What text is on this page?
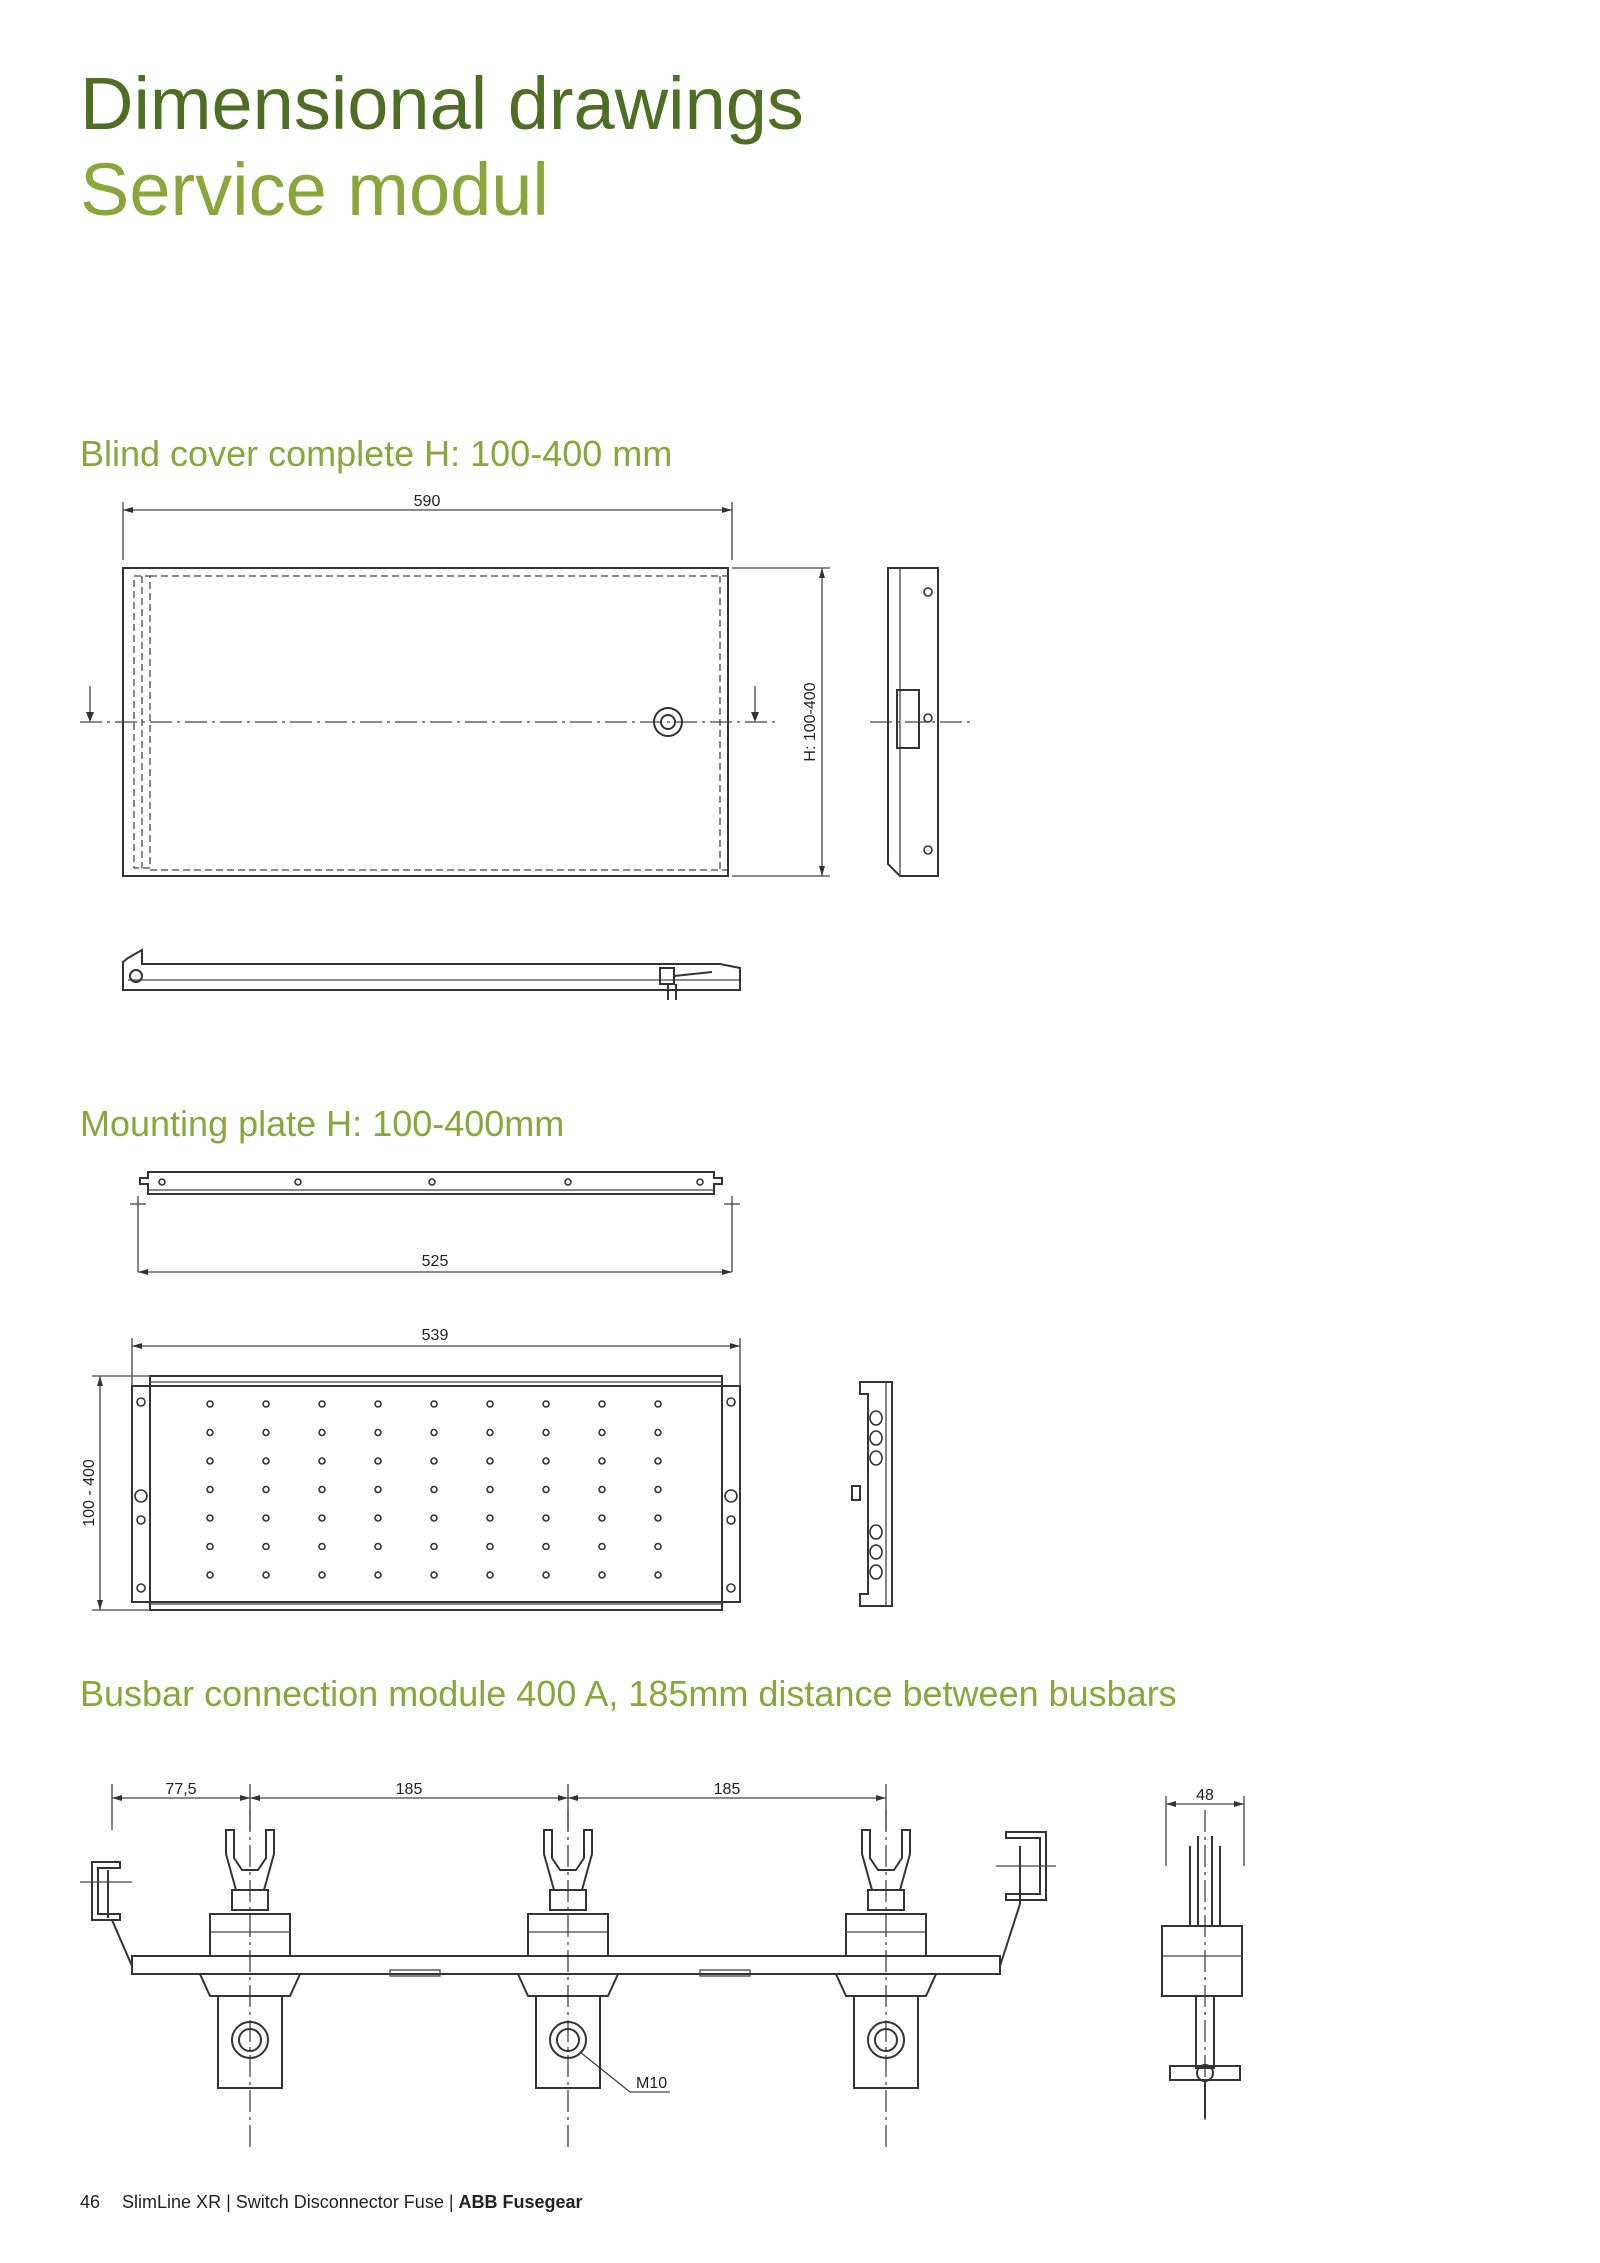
Dimensional drawings
Service modul
Blind cover complete H: 100-400 mm
590
H: 100-400
Mounting plate H: 100-400mm
525
539
100 - 400
Busbar connection module 400 A, 185mm distance between busbars
77,5	185	185
M10
48
46 SlimLine XR | Switch Disconnector Fuse | ABB Fusegear
